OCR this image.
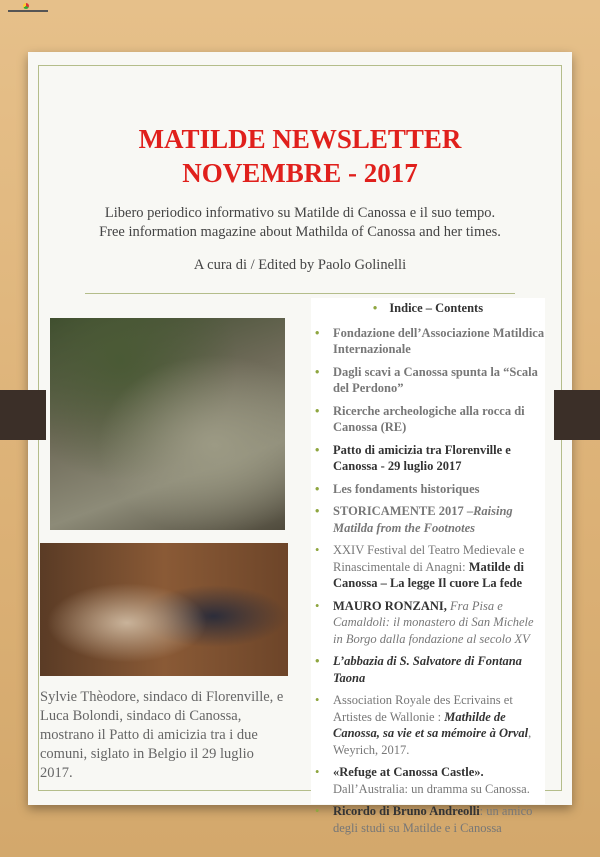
MATILDE NEWSLETTER
NOVEMBRE - 2017
Libero periodico informativo su Matilde di Canossa e il suo tempo.
Free information magazine about Mathilda of Canossa and her times.
A cura di / Edited by Paolo Golinelli
Sylvie Thèodore, sindaco di Florenville, e Luca Bolondi, sindaco di Canossa, mostrano il Patto di amicizia tra i due comuni, siglato in Belgio il 29 luglio 2017.
• Indice – Contents
• Fondazione dell’Associazione Matildica Internazionale
• Dagli scavi a Canossa spunta la “Scala del Perdono”
• Ricerche archeologiche alla rocca di Canossa (RE)
• Patto di amicizia tra Florenville e Canossa - 29 luglio 2017
• Les fondaments historiques
• STORICAMENTE 2017 –Raising Matilda from the Footnotes
• XXIV Festival del Teatro Medievale e Rinascimentale di Anagni: Matilde di Canossa – La legge Il cuore La fede
• MAURO RONZANI, Fra Pisa e Camaldoli: il monastero di San Michele in Borgo dalla fondazione al secolo XV
• L’abbazia di S. Salvatore di Fontana Taona
• Association Royale des Ecrivains et Artistes de Wallonie : Mathilde de Canossa, sa vie et sa mémoire à Orval, Weyrich, 2017.
• «Refuge at Canossa Castle». Dall’Australia: un dramma su Canossa.
• Ricordo di Bruno Andreolli: un amico degli studi su Matilde e i Canossa
